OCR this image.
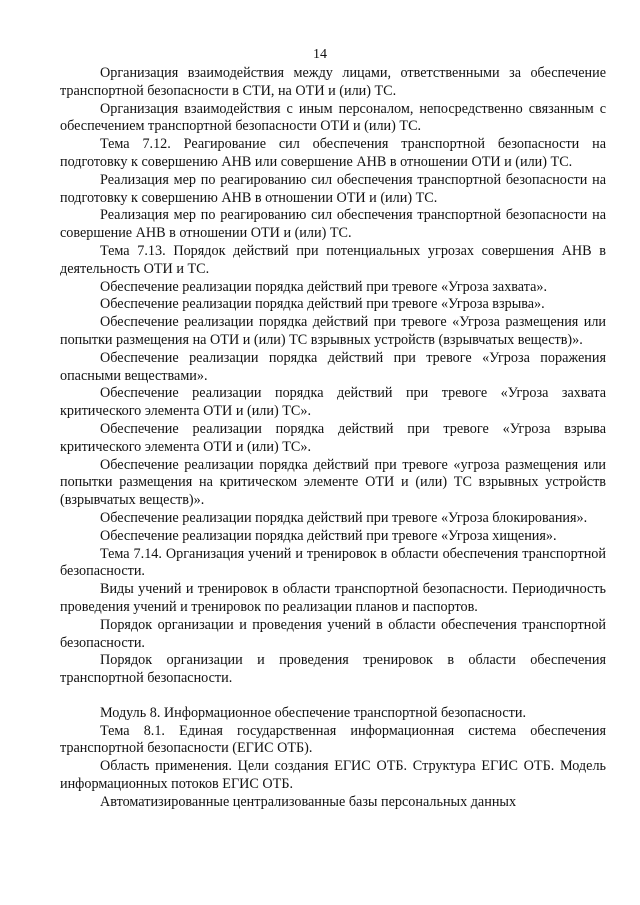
14

Организация взаимодействия между лицами, ответственными за обеспечение транспортной безопасности в СТИ, на ОТИ и (или) ТС.

Организация взаимодействия с иным персоналом, непосредственно связанным с обеспечением транспортной безопасности ОТИ и (или) ТС.

Тема 7.12. Реагирование сил обеспечения транспортной безопасности на подготовку к совершению АНВ или совершение АНВ в отношении ОТИ и (или) ТС.

Реализация мер по реагированию сил обеспечения транспортной безопасности на подготовку к совершению АНВ в отношении ОТИ и (или) ТС.

Реализация мер по реагированию сил обеспечения транспортной безопасности на совершение АНВ в отношении ОТИ и (или) ТС.

Тема 7.13. Порядок действий при потенциальных угрозах совершения АНВ в деятельность ОТИ и ТС.

Обеспечение реализации порядка действий при тревоге «Угроза захвата».

Обеспечение реализации порядка действий при тревоге «Угроза взрыва».

Обеспечение реализации порядка действий при тревоге «Угроза размещения или попытки размещения на ОТИ и (или) ТС взрывных устройств (взрывчатых веществ)».

Обеспечение реализации порядка действий при тревоге «Угроза поражения опасными веществами».

Обеспечение реализации порядка действий при тревоге «Угроза захвата критического элемента ОТИ и (или) ТС».

Обеспечение реализации порядка действий при тревоге «Угроза взрыва критического элемента ОТИ и (или) ТС».

Обеспечение реализации порядка действий при тревоге «угроза размещения или попытки размещения на критическом элементе ОТИ и (или) ТС взрывных устройств (взрывчатых веществ)».

Обеспечение реализации порядка действий при тревоге «Угроза блокирования».

Обеспечение реализации порядка действий при тревоге «Угроза хищения».

Тема 7.14. Организация учений и тренировок в области обеспечения транспортной безопасности.

Виды учений и тренировок в области транспортной безопасности. Периодичность проведения учений и тренировок по реализации планов и паспортов.

Порядок организации и проведения учений в области обеспечения транспортной безопасности.

Порядок организации и проведения тренировок в области обеспечения транспортной безопасности.

Модуль 8. Информационное обеспечение транспортной безопасности.

Тема 8.1. Единая государственная информационная система обеспечения транспортной безопасности (ЕГИС ОТБ).

Область применения. Цели создания ЕГИС ОТБ. Структура ЕГИС ОТБ. Модель информационных потоков ЕГИС ОТБ.

Автоматизированные централизованные базы персональных данных
